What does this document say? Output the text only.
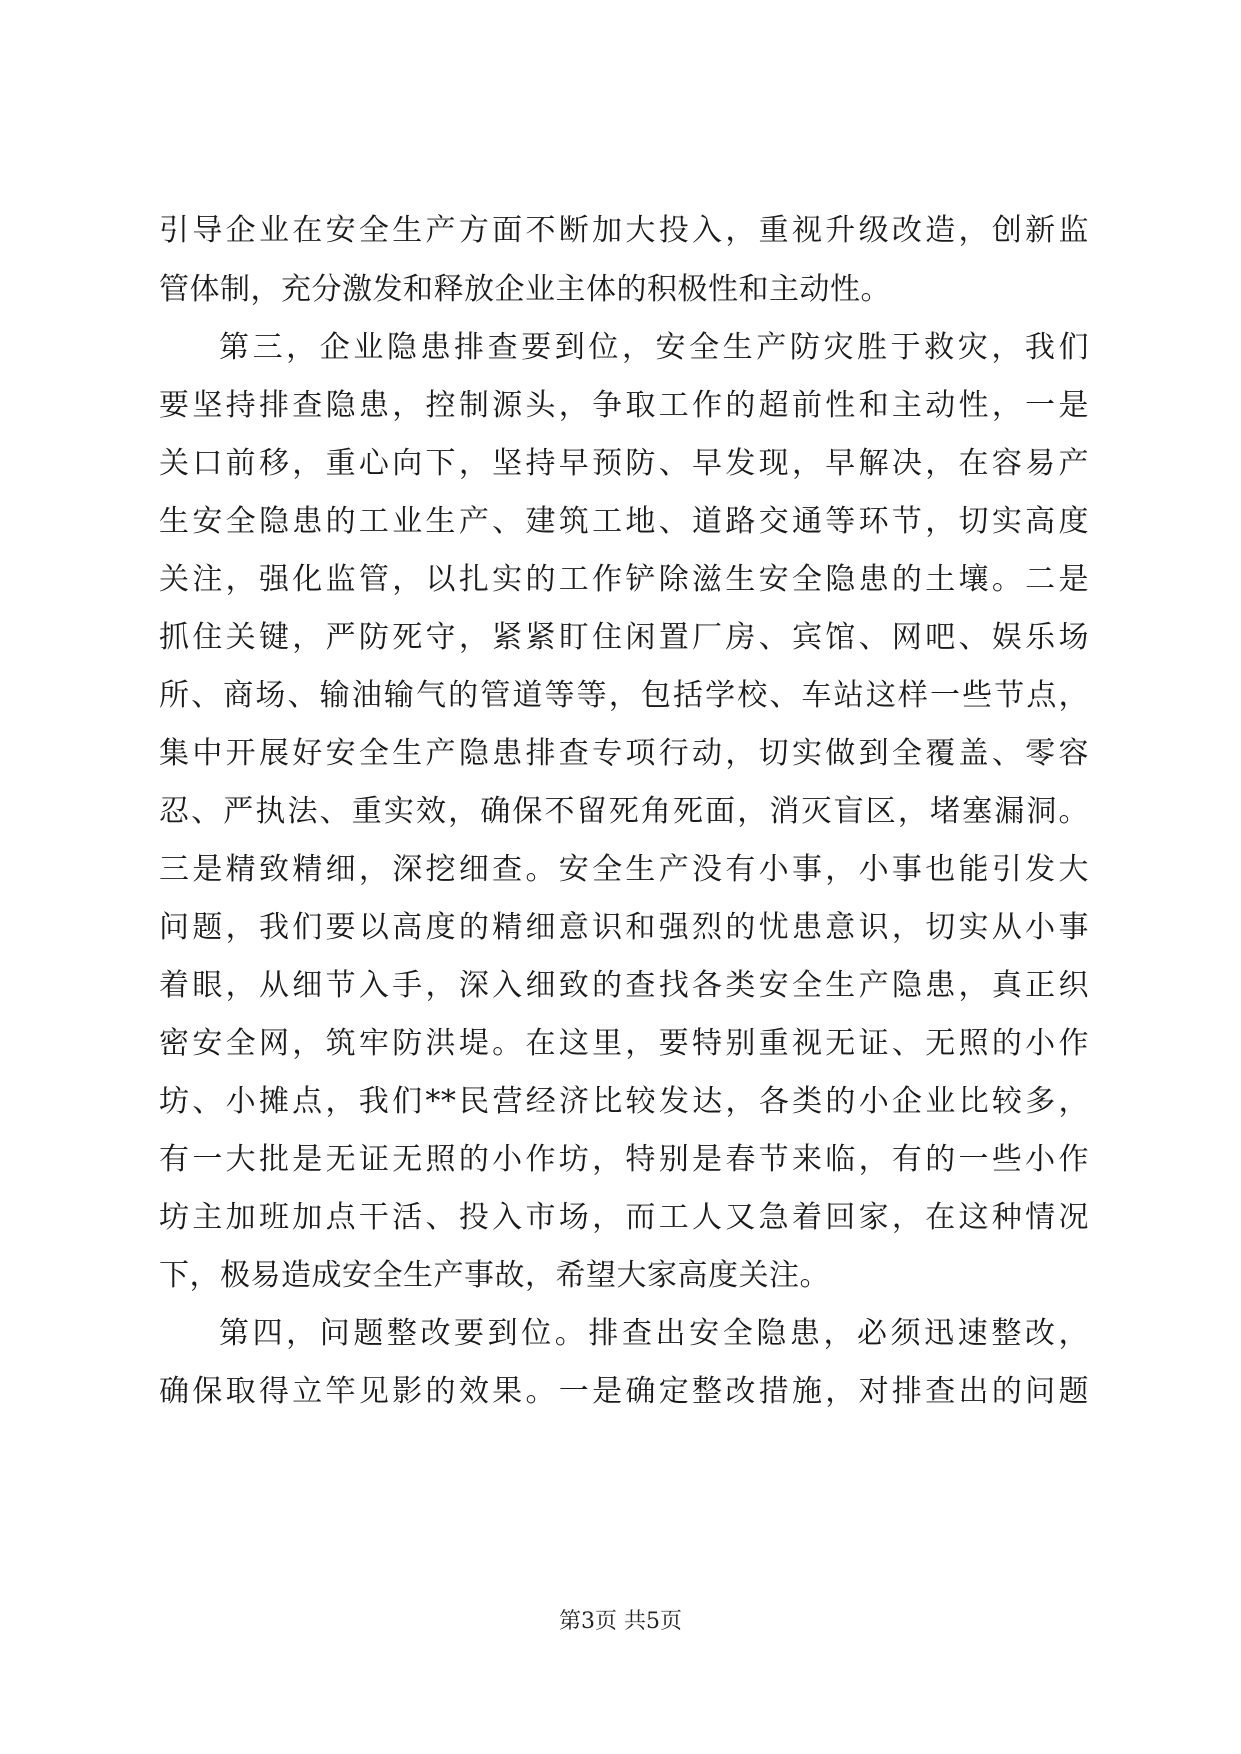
引导企业在安全生产方面不断加大投入，重视升级改造，创新监
管体制，充分激发和释放企业主体的积极性和主动性。
第三，企业隐患排查要到位，安全生产防灾胜于救灾，我们
要坚持排查隐患，控制源头，争取工作的超前性和主动性，一是
关口前移，重心向下，坚持早预防、早发现，早解决，在容易产
生安全隐患的工业生产、建筑工地、道路交通等环节，切实高度
关注，强化监管，以扎实的工作铲除滋生安全隐患的土壤。二是
抓住关键，严防死守，紧紧盯住闲置厂房、宾馆、网吧、娱乐场
所、商场、输油输气的管道等等，包括学校、车站这样一些节点，
集中开展好安全生产隐患排查专项行动，切实做到全覆盖、零容
忍、严执法、重实效，确保不留死角死面，消灭盲区，堵塞漏洞。
三是精致精细，深挖细查。安全生产没有小事，小事也能引发大
问题，我们要以高度的精细意识和强烈的忧患意识，切实从小事
着眼，从细节入手，深入细致的查找各类安全生产隐患，真正织
密安全网，筑牢防洪堤。在这里，要特别重视无证、无照的小作
坊、小摊点，我们**民营经济比较发达，各类的小企业比较多，
有一大批是无证无照的小作坊，特别是春节来临，有的一些小作
坊主加班加点干活、投入市场，而工人又急着回家，在这种情况
下，极易造成安全生产事故，希望大家高度关注。
第四，问题整改要到位。排查出安全隐患，必须迅速整改，
确保取得立竿见影的效果。一是确定整改措施，对排查出的问题
第3页 共5页
